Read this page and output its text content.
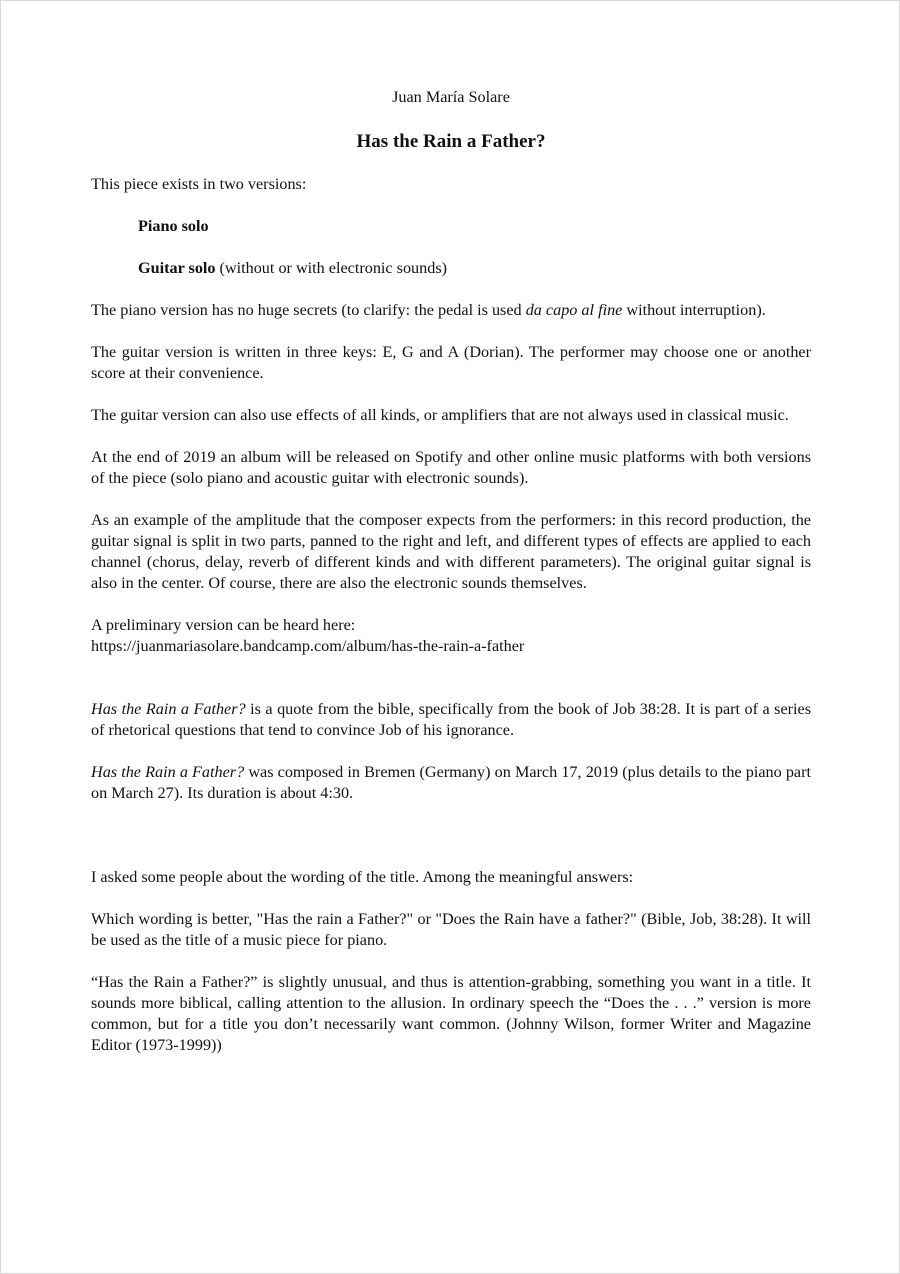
Juan María Solare

Has the Rain a Father?

This piece exists in two versions:

Piano solo

Guitar solo (without or with electronic sounds)

The piano version has no huge secrets (to clarify: the pedal is used da capo al fine without interruption).

The guitar version is written in three keys: E, G and A (Dorian). The performer may choose one or another score at their convenience.

The guitar version can also use effects of all kinds, or amplifiers that are not always used in classical music.

At the end of 2019 an album will be released on Spotify and other online music platforms with both versions of the piece (solo piano and acoustic guitar with electronic sounds).

As an example of the amplitude that the composer expects from the performers: in this record production, the guitar signal is split in two parts, panned to the right and left, and different types of effects are applied to each channel (chorus, delay, reverb of different kinds and with different parameters). The original guitar signal is also in the center. Of course, there are also the electronic sounds themselves.

A preliminary version can be heard here:

https://juanmariasolare.bandcamp.com/album/has-the-rain-a-father

Has the Rain a Father? is a quote from the bible, specifically from the book of Job 38:28. It is part of a series of rhetorical questions that tend to convince Job of his ignorance.

Has the Rain a Father? was composed in Bremen (Germany) on March 17, 2019 (plus details to the piano part on March 27). Its duration is about 4:30.

I asked some people about the wording of the title. Among the meaningful answers:

Which wording is better, "Has the rain a Father?" or "Does the Rain have a father?" (Bible, Job, 38:28). It will be used as the title of a music piece for piano.

“Has the Rain a Father?” is slightly unusual, and thus is attention-grabbing, something you want in a title. It sounds more biblical, calling attention to the allusion. In ordinary speech the “Does the . . .” version is more common, but for a title you don’t necessarily want common. (Johnny Wilson, former Writer and Magazine Editor (1973-1999))
